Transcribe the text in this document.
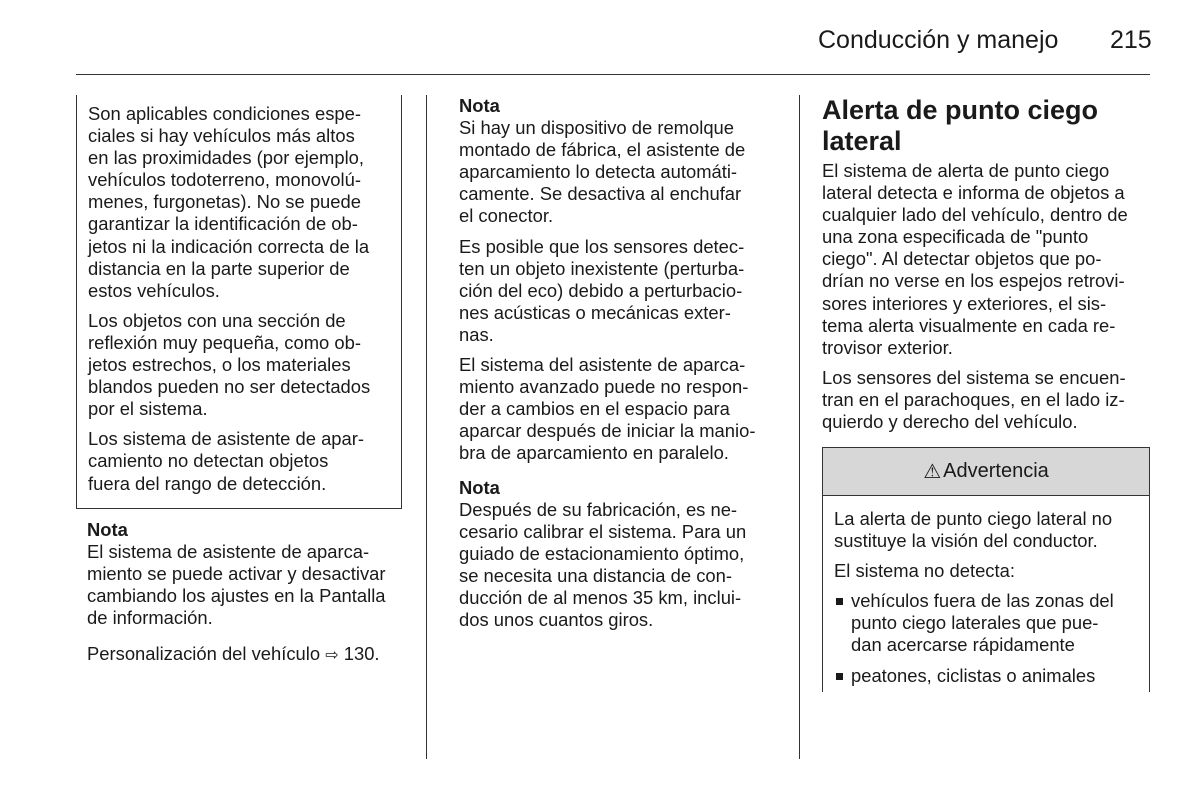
Conducción y manejo 215

Son aplicables condiciones espe-
ciales si hay vehículos más altos
en las proximidades (por ejemplo,
vehículos todoterreno, monovolú-
menes, furgonetas). No se puede
garantizar la identificación de ob-
jetos ni la indicación correcta de la
distancia en la parte superior de
estos vehículos.

Los objetos con una sección de
reflexión muy pequeña, como ob-
jetos estrechos, o los materiales
blandos pueden no ser detectados
por el sistema.

Los sistema de asistente de apar-
camiento no detectan objetos
fuera del rango de detección.

Nota

El sistema de asistente de aparca-
miento se puede activar y desactivar
cambiando los ajustes en la Pantalla
de información.

Personalización del vehículo ⇨ 130.

Nota

Si hay un dispositivo de remolque
montado de fábrica, el asistente de
aparcamiento lo detecta automáti-
camente. Se desactiva al enchufar
el conector.

Es posible que los sensores detec-
ten un objeto inexistente (perturba-
ción del eco) debido a perturbacio-
nes acústicas o mecánicas exter-
nas.

El sistema del asistente de aparca-
miento avanzado puede no respon-
der a cambios en el espacio para
aparcar después de iniciar la manio-
bra de aparcamiento en paralelo.

Nota

Después de su fabricación, es ne-
cesario calibrar el sistema. Para un
guiado de estacionamiento óptimo,
se necesita una distancia de con-
ducción de al menos 35 km, inclui-
dos unos cuantos giros.

Alerta de punto ciego
lateral

El sistema de alerta de punto ciego
lateral detecta e informa de objetos a
cualquier lado del vehículo, dentro de
una zona especificada de "punto
ciego". Al detectar objetos que po-
drían no verse en los espejos retrovi-
sores interiores y exteriores, el sis-
tema alerta visualmente en cada re-
trovisor exterior.

Los sensores del sistema se encuen-
tran en el parachoques, en el lado iz-
quierdo y derecho del vehículo.

⚠ Advertencia

La alerta de punto ciego lateral no
sustituye la visión del conductor.

El sistema no detecta:

vehículos fuera de las zonas del
punto ciego laterales que pue-
dan acercarse rápidamente
peatones, ciclistas o animales
